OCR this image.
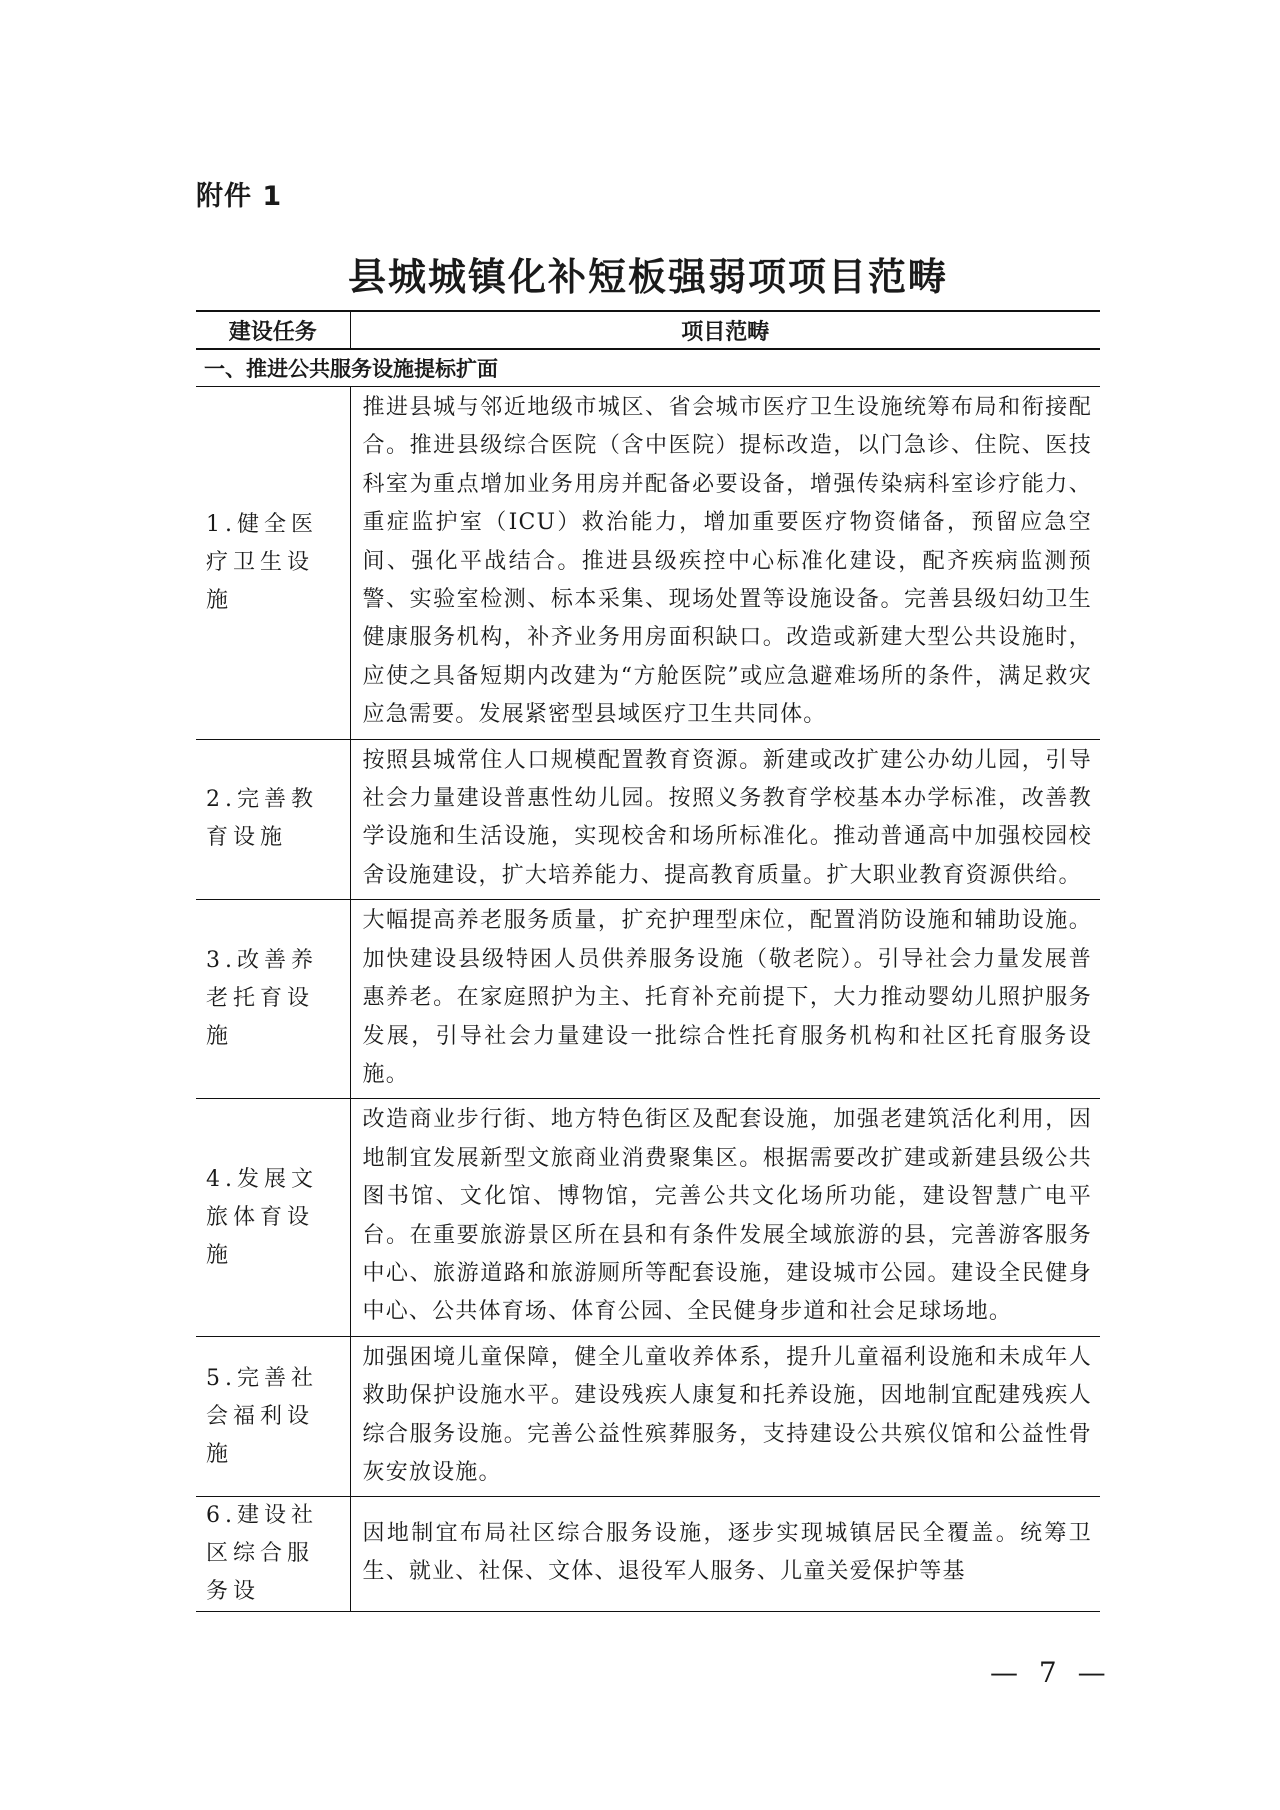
附件 1
县城城镇化补短板强弱项项目范畴
建设任务	项目范畴
一、推进公共服务设施提标扩面	
1.健全医疗卫生设施	推进县城与邻近地级市城区、省会城市医疗卫生设施统筹布局和衔接配合。推进县级综合医院（含中医院）提标改造，以门急诊、住院、医技科室为重点增加业务用房并配备必要设备，增强传染病科室诊疗能力、重症监护室（ICU）救治能力，增加重要医疗物资储备，预留应急空间、强化平战结合。推进县级疾控中心标准化建设，配齐疾病监测预警、实验室检测、标本采集、现场处置等设施设备。完善县级妇幼卫生健康服务机构，补齐业务用房面积缺口。改造或新建大型公共设施时，应使之具备短期内改建为“方舱医院”或应急避难场所的条件，满足救灾应急需要。发展紧密型县域医疗卫生共同体。
2.完善教育设施	按照县城常住人口规模配置教育资源。新建或改扩建公办幼儿园，引导社会力量建设普惠性幼儿园。按照义务教育学校基本办学标准，改善教学设施和生活设施，实现校舍和场所标准化。推动普通高中加强校园校舍设施建设，扩大培养能力、提高教育质量。扩大职业教育资源供给。
3.改善养老托育设施	大幅提高养老服务质量，扩充护理型床位，配置消防设施和辅助设施。加快建设县级特困人员供养服务设施（敬老院）。引导社会力量发展普惠养老。在家庭照护为主、托育补充前提下，大力推动婴幼儿照护服务发展，引导社会力量建设一批综合性托育服务机构和社区托育服务设施。
4.发展文旅体育设施	改造商业步行街、地方特色街区及配套设施，加强老建筑活化利用，因地制宜发展新型文旅商业消费聚集区。根据需要改扩建或新建县级公共图书馆、文化馆、博物馆，完善公共文化场所功能，建设智慧广电平台。在重要旅游景区所在县和有条件发展全域旅游的县，完善游客服务中心、旅游道路和旅游厕所等配套设施，建设城市公园。建设全民健身中心、公共体育场、体育公园、全民健身步道和社会足球场地。
5.完善社会福利设施	加强困境儿童保障，健全儿童收养体系，提升儿童福利设施和未成年人救助保护设施水平。建设残疾人康复和托养设施，因地制宜配建残疾人综合服务设施。完善公益性殡葬服务，支持建设公共殡仪馆和公益性骨灰安放设施。
6.建设社区综合服务设	因地制宜布局社区综合服务设施，逐步实现城镇居民全覆盖。统筹卫生、就业、社保、文体、退役军人服务、儿童关爱保护等基
— 7 —
